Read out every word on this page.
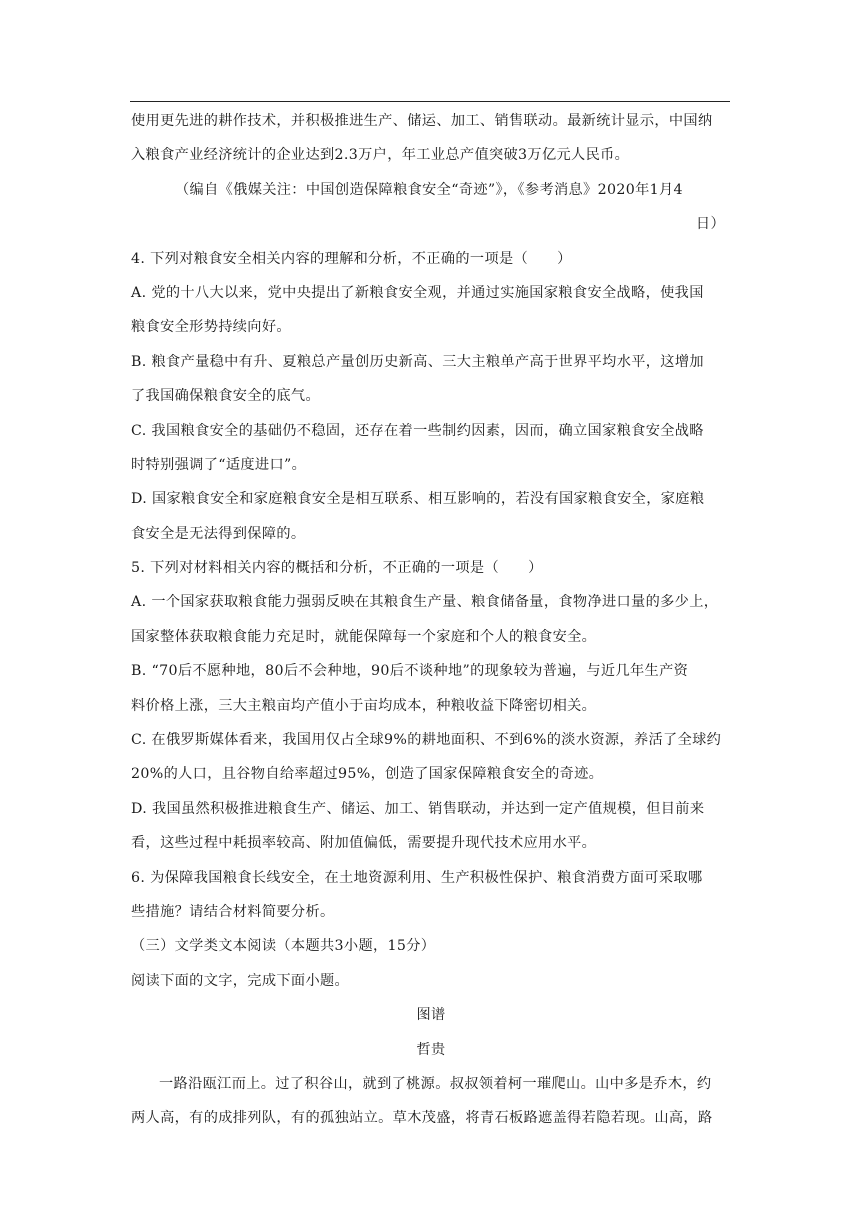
使用更先进的耕作技术，并积极推进生产、储运、加工、销售联动。最新统计显示，中国纳
入粮食产业经济统计的企业达到2.3万户，年工业总产值突破3万亿元人民币。
（编自《俄媒关注：中国创造保障粮食安全“奇迹”》，《参考消息》2020年1月4
日）
4. 下列对粮食安全相关内容的理解和分析，不正确的一项是（　　）
A. 党的十八大以来，党中央提出了新粮食安全观，并通过实施国家粮食安全战略，使我国
粮食安全形势持续向好。
B. 粮食产量稳中有升、夏粮总产量创历史新高、三大主粮单产高于世界平均水平，这增加
了我国确保粮食安全的底气。
C. 我国粮食安全的基础仍不稳固，还存在着一些制约因素，因而，确立国家粮食安全战略
时特别强调了“适度进口”。
D. 国家粮食安全和家庭粮食安全是相互联系、相互影响的，若没有国家粮食安全，家庭粮
食安全是无法得到保障的。
5. 下列对材料相关内容的概括和分析，不正确的一项是（　　）
A. 一个国家获取粮食能力强弱反映在其粮食生产量、粮食储备量，食物净进口量的多少上，
国家整体获取粮食能力充足时，就能保障每一个家庭和个人的粮食安全。
B. “70后不愿种地，80后不会种地，90后不谈种地”的现象较为普遍，与近几年生产资
料价格上涨，三大主粮亩均产值小于亩均成本，种粮收益下降密切相关。
C. 在俄罗斯媒体看来，我国用仅占全球9%的耕地面积、不到6%的淡水资源，养活了全球约
20%的人口，且谷物自给率超过95%，创造了国家保障粮食安全的奇迹。
D. 我国虽然积极推进粮食生产、储运、加工、销售联动，并达到一定产值规模，但目前来
看，这些过程中耗损率较高、附加值偏低，需要提升现代技术应用水平。
6. 为保障我国粮食长线安全，在土地资源利用、生产积极性保护、粮食消费方面可采取哪
些措施？请结合材料简要分析。
（三）文学类文本阅读（本题共3小题，15分）
阅读下面的文字，完成下面小题。
图谱
哲贵
一路沿瓯江而上。过了积谷山，就到了桃源。叔叔领着柯一璀爬山。山中多是乔木，约
两人高，有的成排列队，有的孤独站立。草木茂盛，将青石板路遮盖得若隐若现。山高，路
